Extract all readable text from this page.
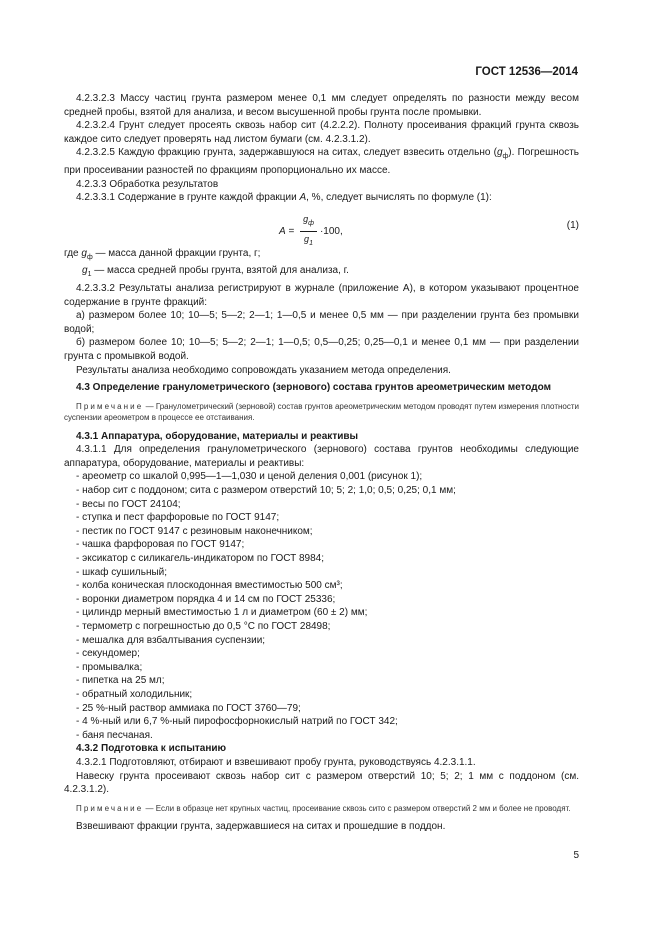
ГОСТ 12536—2014

4.2.3.2.3 Массу частиц грунта размером менее 0,1 мм следует определять по разности между весом средней пробы, взятой для анализа, и весом высушенной пробы грунта после промывки.

4.2.3.2.4 Грунт следует просеять сквозь набор сит (4.2.2.2). Полноту просеивания фракций грунта сквозь каждое сито следует проверять над листом бумаги (см. 4.2.3.1.2).

4.2.3.2.5 Каждую фракцию грунта, задержавшуюся на ситах, следует взвесить отдельно $(g_ф)$. Погрешность при просеивании разностей по фракциям пропорционально их массе.

4.2.3.3 Обработка результатов

4.2.3.3.1 Содержание в грунте каждой фракции A, %, следует вычислять по формуле (1):

$A = \frac{g_ф}{g_1} \cdot 100$,
(1)

где $g_ф$ — масса данной фракции грунта, г;

$g_1$ — масса средней пробы грунта, взятой для анализа, г.

4.2.3.3.2 Результаты анализа регистрируют в журнале (приложение А), в котором указывают процентное содержание в грунте фракций:

а) размером более 10; 10—5; 5—2; 2—1; 1—0,5 и менее 0,5 мм — при разделении грунта без промывки водой;

б) размером более 10; 10—5; 5—2; 2—1; 1—0,5; 0,5—0,25; 0,25—0,1 и менее 0,1 мм — при разделении грунта с промывкой водой.

Результаты анализа необходимо сопровождать указанием метода определения.

4.3 Определение гранулометрического (зернового) состава грунтов ареометрическим методом

Примечание — Гранулометрический (зерновой) состав грунтов ареометрическим методом проводят путем измерения плотности суспензии ареометром в процессе ее отстаивания.

4.3.1 Аппаратура, оборудование, материалы и реактивы

4.3.1.1 Для определения гранулометрического (зернового) состава грунтов необходимы следующие аппаратура, оборудование, материалы и реактивы:

- ареометр со шкалой 0,995—1—1,030 и ценой деления 0,001 (рисунок 1);

- набор сит с поддоном; сита с размером отверстий 10; 5; 2; 1,0; 0,5; 0,25; 0,1 мм;

- весы по ГОСТ 24104;

- ступка и пест фарфоровые по ГОСТ 9147;

- пестик по ГОСТ 9147 с резиновым наконечником;

- чашка фарфоровая по ГОСТ 9147;

- эксикатор с силикагель-индикатором по ГОСТ 8984;

- шкаф сушильный;

- колба коническая плоскодонная вместимостью 500 см³;

- воронки диаметром порядка 4 и 14 см по ГОСТ 25336;

- цилиндр мерный вместимостью 1 л и диаметром (60 ± 2) мм;

- термометр с погрешностью до 0,5 °С по ГОСТ 28498;

- мешалка для взбалтывания суспензии;

- секундомер;

- промывалка;

- пипетка на 25 мл;

- обратный холодильник;

- 25 %-ный раствор аммиака по ГОСТ 3760—79;

- 4 %-ный или 6,7 %-ный пирофосфорнокислый натрий по ГОСТ 342;

- баня песчаная.

4.3.2 Подготовка к испытанию

4.3.2.1 Подготовляют, отбирают и взвешивают пробу грунта, руководствуясь 4.2.3.1.1.

Навеску грунта просеивают сквозь набор сит с размером отверстий 10; 5; 2; 1 мм с поддоном (см. 4.2.3.1.2).

Примечание — Если в образце нет крупных частиц, просеивание сквозь сито с размером отверстий 2 мм и более не проводят.

Взвешивают фракции грунта, задержавшиеся на ситах и прошедшие в поддон.

5
